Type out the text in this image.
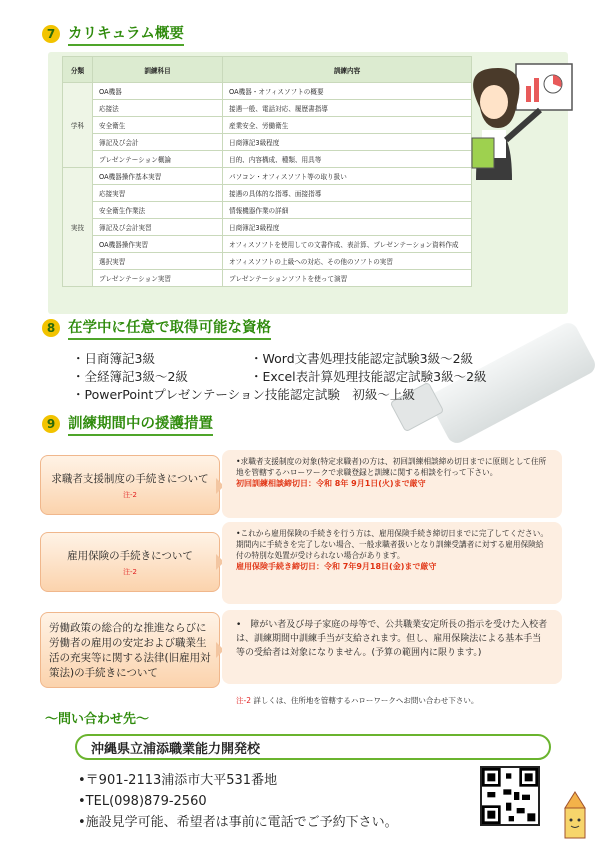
7 カリキュラム概要
分類	訓練科目	訓練内容
学科	OA機器	OA機器・オフィスソフトの概要
	応接法	接遇一般、電話対応、履歴書指導
	安全衛生	産業安全、労働衛生
	簿記及び会計	日商簿記3級程度
	プレゼンテーション概論	目的、内容構成、種類、用具等
実技	OA機器操作基本実習	パソコン・オフィスソフト等の取り扱い
	応接実習	接遇の具体的な指導、面接指導
	安全衛生作業法	情報機器作業の詳細
	簿記及び会計実習	日商簿記3級程度
	OA機器操作実習	オフィスソフトを使用しての文書作成、表計算、プレゼンテーション資料作成
	選択実習	オフィスソフトの上級への対応、その他のソフトの実習
	プレゼンテーション実習	プレゼンテーションソフトを使って演習
8 在学中に任意で取得可能な資格
・日商簿記3級	・Word文書処理技能認定試験3級～2級
・全経簿記3級～2級	・Excel表計算処理技能認定試験3級～2級
・PowerPointプレゼンテーション技能認定試験　初級～上級
9 訓練期間中の援護措置
求職者支援制度の手続きについて
注-2
•求職者支援制度の対象(特定求職者)の方は、初回訓練相談締め切日までに原則として住所地を管轄するハローワークで求職登録と訓練に関する相談を行って下さい。
初回訓練相談締切日：令和 8年 9月1日(火)まで厳守
雇用保険の手続きについて
注-2
•これから雇用保険の手続きを行う方は、雇用保険手続き締切日までに完了してください。期間内に手続きを完了しない場合、一般求職者扱いとなり訓練受講者に対する雇用保険給付の特別な処置が受けられない場合があります。
雇用保険手続き締切日：令和 7年9月18日(金)まで厳守
労働政策の総合的な推進ならびに労働者の雇用の安定および職業生活の充実等に関する法律(旧雇用対策法)の手続きについて
•　障がい者及び母子家庭の母等で、公共職業安定所長の指示を受けた入校者は、訓練期間中訓練手当が支給されます。但し、雇用保険法による基本手当等の受給者は対象になりません。(予算の範囲内に限ります。)
注-2 詳しくは、住所地を管轄するハローワークへお問い合わせ下さい。
～問い合わせ先～
沖縄県立浦添職業能力開発校
•〒901-2113浦添市大平531番地
•TEL(098)879-2560
•施設見学可能、希望者は事前に電話でご予約下さい。
